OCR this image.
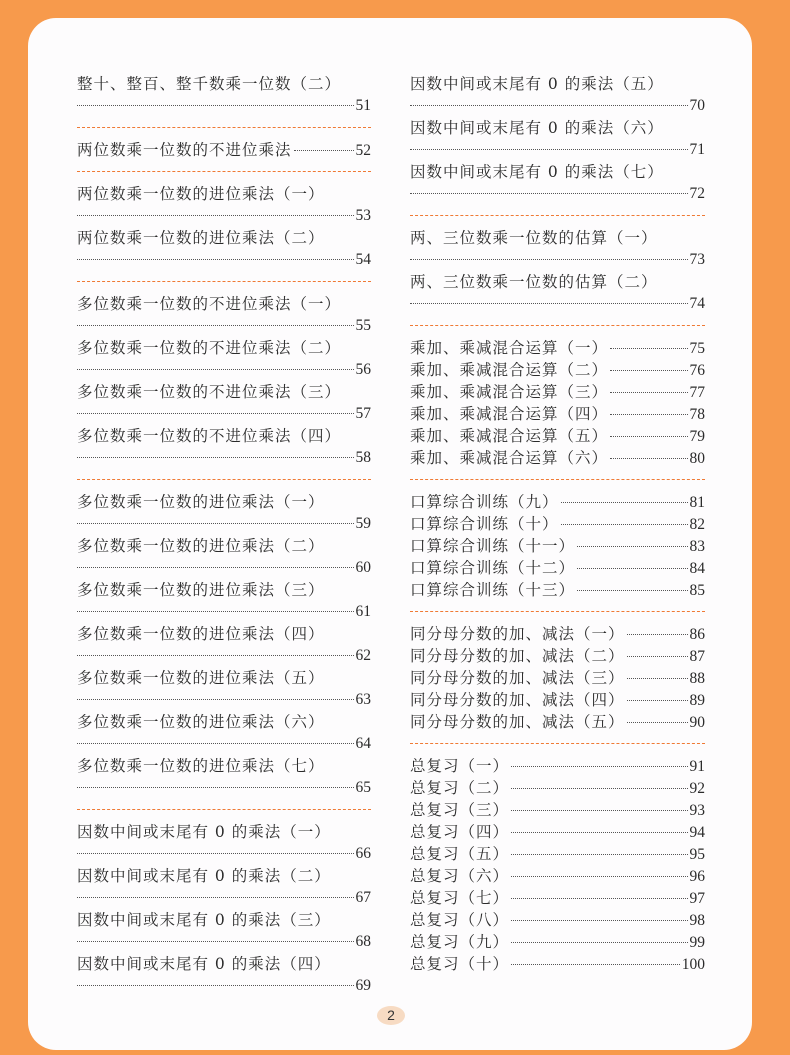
整十、整百、整千数乘一位数（二）
51
两位数乘一位数的不进位乘法	52
两位数乘一位数的进位乘法（一）
53
两位数乘一位数的进位乘法（二）
54
多位数乘一位数的不进位乘法（一）
55
多位数乘一位数的不进位乘法（二）
56
多位数乘一位数的不进位乘法（三）
57
多位数乘一位数的不进位乘法（四）
58
多位数乘一位数的进位乘法（一）
59
多位数乘一位数的进位乘法（二）
60
多位数乘一位数的进位乘法（三）
61
多位数乘一位数的进位乘法（四）
62
多位数乘一位数的进位乘法（五）
63
多位数乘一位数的进位乘法（六）
64
多位数乘一位数的进位乘法（七）
65
因数中间或末尾有 0 的乘法（一）
66
因数中间或末尾有 0 的乘法（二）
67
因数中间或末尾有 0 的乘法（三）
68
因数中间或末尾有 0 的乘法（四）
69
因数中间或末尾有 0 的乘法（五）
70
因数中间或末尾有 0 的乘法（六）
71
因数中间或末尾有 0 的乘法（七）
72
两、三位数乘一位数的估算（一）
73
两、三位数乘一位数的估算（二）
74
乘加、乘减混合运算（一）	75
乘加、乘减混合运算（二）	76
乘加、乘减混合运算（三）	77
乘加、乘减混合运算（四）	78
乘加、乘减混合运算（五）	79
乘加、乘减混合运算（六）	80
口算综合训练（九）	81
口算综合训练（十）	82
口算综合训练（十一）	83
口算综合训练（十二）	84
口算综合训练（十三）	85
同分母分数的加、减法（一）	86
同分母分数的加、减法（二）	87
同分母分数的加、减法（三）	88
同分母分数的加、减法（四）	89
同分母分数的加、减法（五）	90
总复习（一）	91
总复习（二）	92
总复习（三）	93
总复习（四）	94
总复习（五）	95
总复习（六）	96
总复习（七）	97
总复习（八）	98
总复习（九）	99
总复习（十）	100
2
